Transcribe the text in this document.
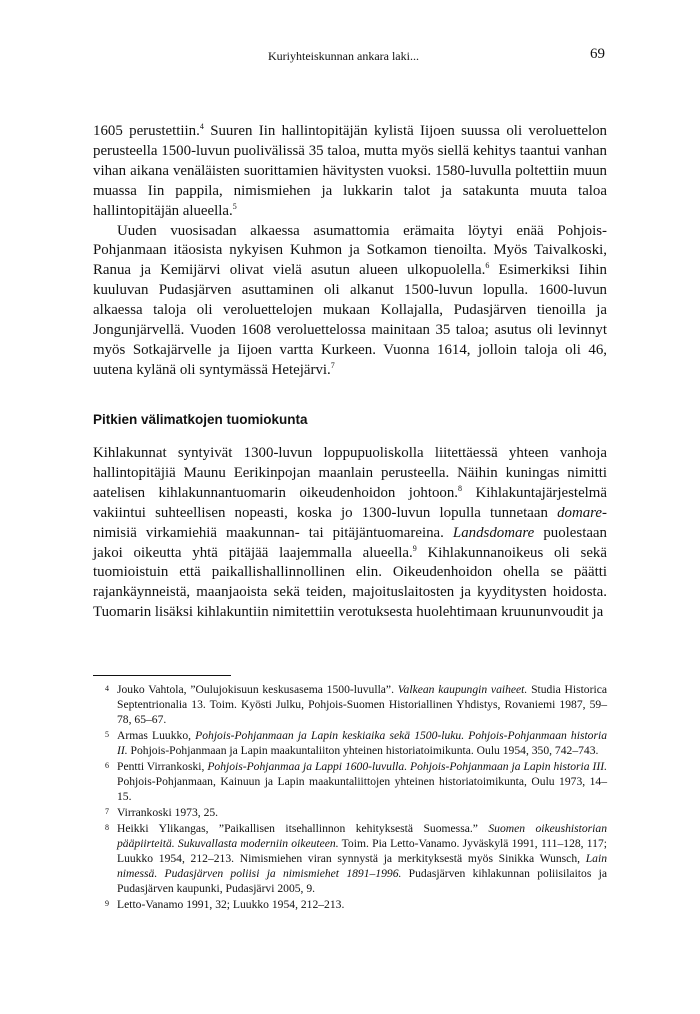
Kuriyhteiskunnan ankara laki...	69

1605 perustettiin.$^4$ Suuren Iin hallintopitäjän kylistä Iijoen suussa oli veroluettelon perusteella 1500-luvun puolivälissä 35 taloa, mutta myös siellä kehitys taantui vanhan vihan aikana venäläisten suorittamien hävitysten vuoksi. 1580-luvulla poltettiin muun muassa Iin pappila, nimismiehen ja lukkarin talot ja satakunta muuta taloa hallintopitäjän alueella.$^5$

Uuden vuosisadan alkaessa asumattomia erämaita löytyi enää Pohjois-Pohjanmaan itäosista nykyisen Kuhmon ja Sotkamon tienoilta. Myös Taivalkoski, Ranua ja Kemijärvi olivat vielä asutun alueen ulkopuolella.$^6$ Esimerkiksi Iihin kuuluvan Pudasjärven asuttaminen oli alkanut 1500-luvun lopulla. 1600-luvun alkaessa taloja oli veroluettelojen mukaan Kollajalla, Pudasjärven tienoilla ja Jongunjärvellä. Vuoden 1608 veroluettelossa mainitaan 35 taloa; asutus oli levinnyt myös Sotkajärvelle ja Iijoen vartta Kurkeen. Vuonna 1614, jolloin taloja oli 46, uutena kylänä oli syntymässä Hetejärvi.$^7$

Pitkien välimatkojen tuomiokunta

Kihlakunnat syntyivät 1300-luvun loppupuoliskolla liitettäessä yhteen vanhoja hallintopitäjiä Maunu Eerikinpojan maanlain perusteella. Näihin kuningas nimitti aatelisen kihlakunnantuomarin oikeudenhoidon johtoon.$^8$ Kihlakuntajärjestelmä vakiintui suhteellisen nopeasti, koska jo 1300-luvun lopulla tunnetaan domare-nimisiä virkamiehiä maakunnan- tai pitäjäntuomareina. Landsdomare puolestaan jakoi oikeutta yhtä pitäjää laajemmalla alueella.$^9$ Kihlakunnanoikeus oli sekä tuomioistuin että paikallishallinnollinen elin. Oikeudenhoidon ohella se päätti rajankäynneistä, maanjaoista sekä teiden, majoituslaitosten ja kyyditysten hoidosta. Tuomarin lisäksi kihlakuntiin nimitettiin verotuksesta huolehtimaan kruununvoudit ja

4 Jouko Vahtola, ”Oulujokisuun keskusasema 1500-luvulla”. Valkean kaupungin vaiheet. Studia Historica Septentrionalia 13. Toim. Kyösti Julku, Pohjois-Suomen Historiallinen Yhdistys, Rovaniemi 1987, 59–78, 65–67.

5 Armas Luukko, Pohjois-Pohjanmaan ja Lapin keskiaika sekä 1500-luku. Pohjois-Pohjanmaan historia II. Pohjois-Pohjanmaan ja Lapin maakuntaliiton yhteinen historiatoimikunta. Oulu 1954, 350, 742–743.

6 Pentti Virrankoski, Pohjois-Pohjanmaa ja Lappi 1600-luvulla. Pohjois-Pohjanmaan ja Lapin historia III. Pohjois-Pohjanmaan, Kainuun ja Lapin maakuntaliittojen yhteinen historiatoimikunta, Oulu 1973, 14–15.

7 Virrankoski 1973, 25.

8 Heikki Ylikangas, ”Paikallisen itsehallinnon kehityksestä Suomessa.” Suomen oikeushistorian pääpiirteitä. Sukuvallasta moderniin oikeuteen. Toim. Pia Letto-Vanamo. Jyväskylä 1991, 111–128, 117; Luukko 1954, 212–213. Nimismiehen viran synnystä ja merkityksestä myös Sinikka Wunsch, Lain nimessä. Pudasjärven poliisi ja nimismiehet 1891–1996. Pudasjärven kihlakunnan poliisilaitos ja Pudasjärven kaupunki, Pudasjärvi 2005, 9.

9 Letto-Vanamo 1991, 32; Luukko 1954, 212–213.
